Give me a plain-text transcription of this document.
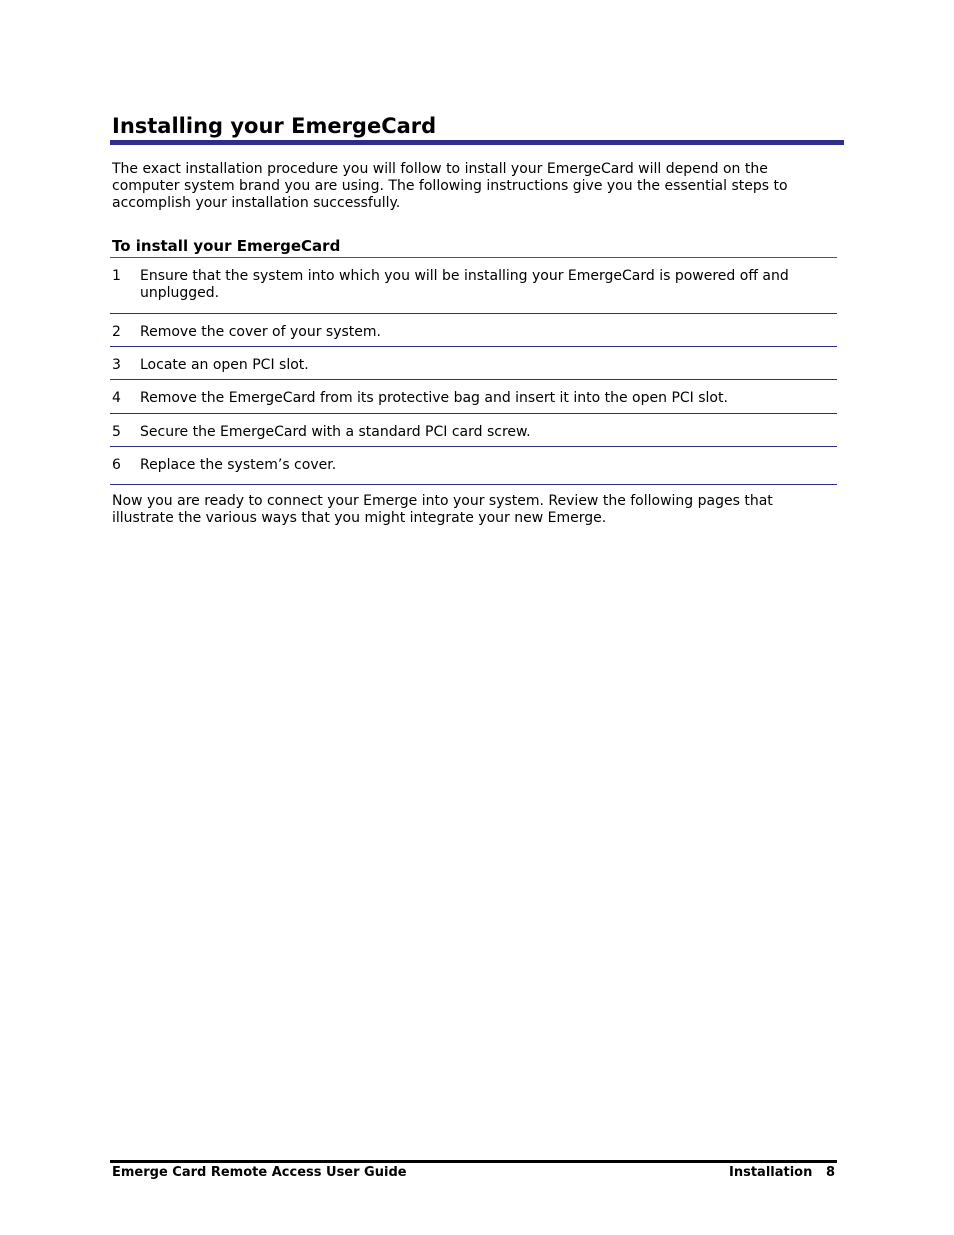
Installing your EmergeCard

The exact installation procedure you will follow to install your EmergeCard will depend on the computer system brand you are using. The following instructions give you the essential steps to accomplish your installation successfully.

To install your EmergeCard
1	Ensure that the system into which you will be installing your EmergeCard is powered off and unplugged.
2	Remove the cover of your system.
3	Locate an open PCI slot.
4	Remove the EmergeCard from its protective bag and insert it into the open PCI slot.
5	Secure the EmergeCard with a standard PCI card screw.
6	Replace the system’s cover.

Now you are ready to connect your Emerge into your system. Review the following pages that illustrate the various ways that you might integrate your new Emerge.

Emerge Card Remote Access User Guide	Installation 8
